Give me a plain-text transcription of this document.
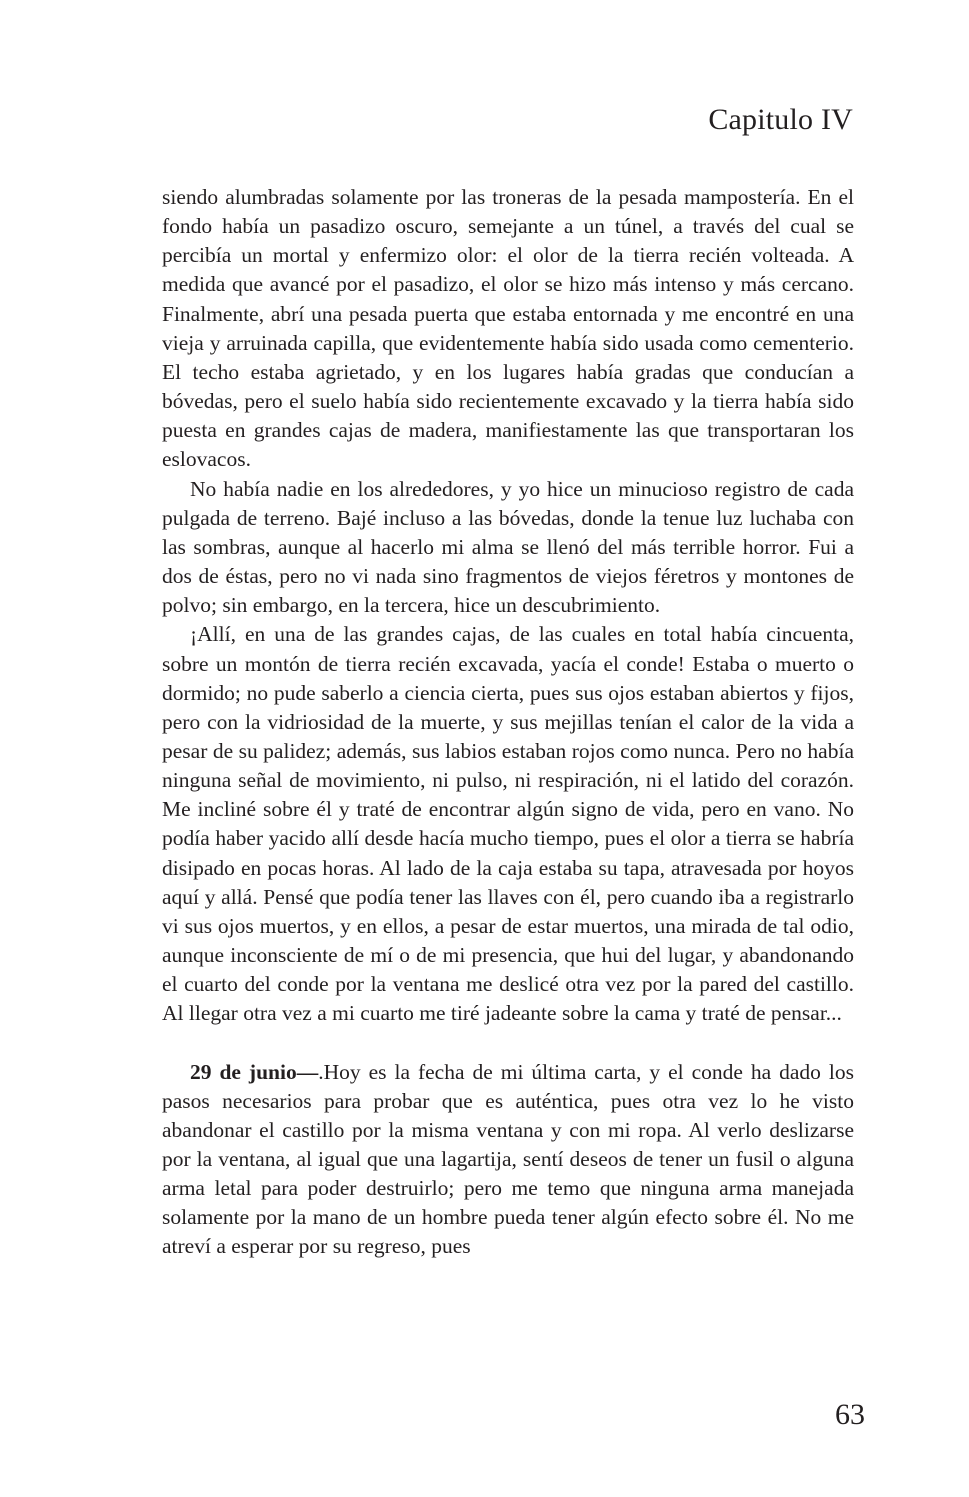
Capitulo IV

siendo alumbradas solamente por las troneras de la pesada mampostería. En el fondo había un pasadizo oscuro, semejante a un túnel, a través del cual se percibía un mortal y enfermizo olor: el olor de la tierra recién volteada. A medida que avancé por el pasadizo, el olor se hizo más intenso y más cercano. Finalmente, abrí una pesada puerta que estaba entornada y me encontré en una vieja y arruinada capilla, que evidentemente había sido usada como cementerio. El techo estaba agrietado, y en los lugares había gradas que conducían a bóvedas, pero el suelo había sido recientemente excavado y la tierra había sido puesta en grandes cajas de madera, manifiestamente las que transportaran los eslovacos.

No había nadie en los alrededores, y yo hice un minucioso registro de cada pulgada de terreno. Bajé incluso a las bóvedas, donde la tenue luz luchaba con las sombras, aunque al hacerlo mi alma se llenó del más terrible horror. Fui a dos de éstas, pero no vi nada sino fragmentos de viejos féretros y montones de polvo; sin embargo, en la tercera, hice un descubrimiento.

¡Allí, en una de las grandes cajas, de las cuales en total había cincuenta, sobre un montón de tierra recién excavada, yacía el conde! Estaba o muerto o dormido; no pude saberlo a ciencia cierta, pues sus ojos estaban abiertos y fijos, pero con la vidriosidad de la muerte, y sus mejillas tenían el calor de la vida a pesar de su palidez; además, sus labios estaban rojos como nunca. Pero no había ninguna señal de movimiento, ni pulso, ni respiración, ni el latido del corazón. Me incliné sobre él y traté de encontrar algún signo de vida, pero en vano. No podía haber yacido allí desde hacía mucho tiempo, pues el olor a tierra se habría disipado en pocas horas. Al lado de la caja estaba su tapa, atravesada por hoyos aquí y allá. Pensé que podía tener las llaves con él, pero cuando iba a registrarlo vi sus ojos muertos, y en ellos, a pesar de estar muertos, una mirada de tal odio, aunque inconsciente de mí o de mi presencia, que hui del lugar, y abandonando el cuarto del conde por la ventana me deslicé otra vez por la pared del castillo. Al llegar otra vez a mi cuarto me tiré jadeante sobre la cama y traté de pensar...

29 de junio—.Hoy es la fecha de mi última carta, y el conde ha dado los pasos necesarios para probar que es auténtica, pues otra vez lo he visto abandonar el castillo por la misma ventana y con mi ropa. Al verlo deslizarse por la ventana, al igual que una lagartija, sentí deseos de tener un fusil o alguna arma letal para poder destruirlo; pero me temo que ninguna arma manejada solamente por la mano de un hombre pueda tener algún efecto sobre él. No me atreví a esperar por su regreso, pues

63
